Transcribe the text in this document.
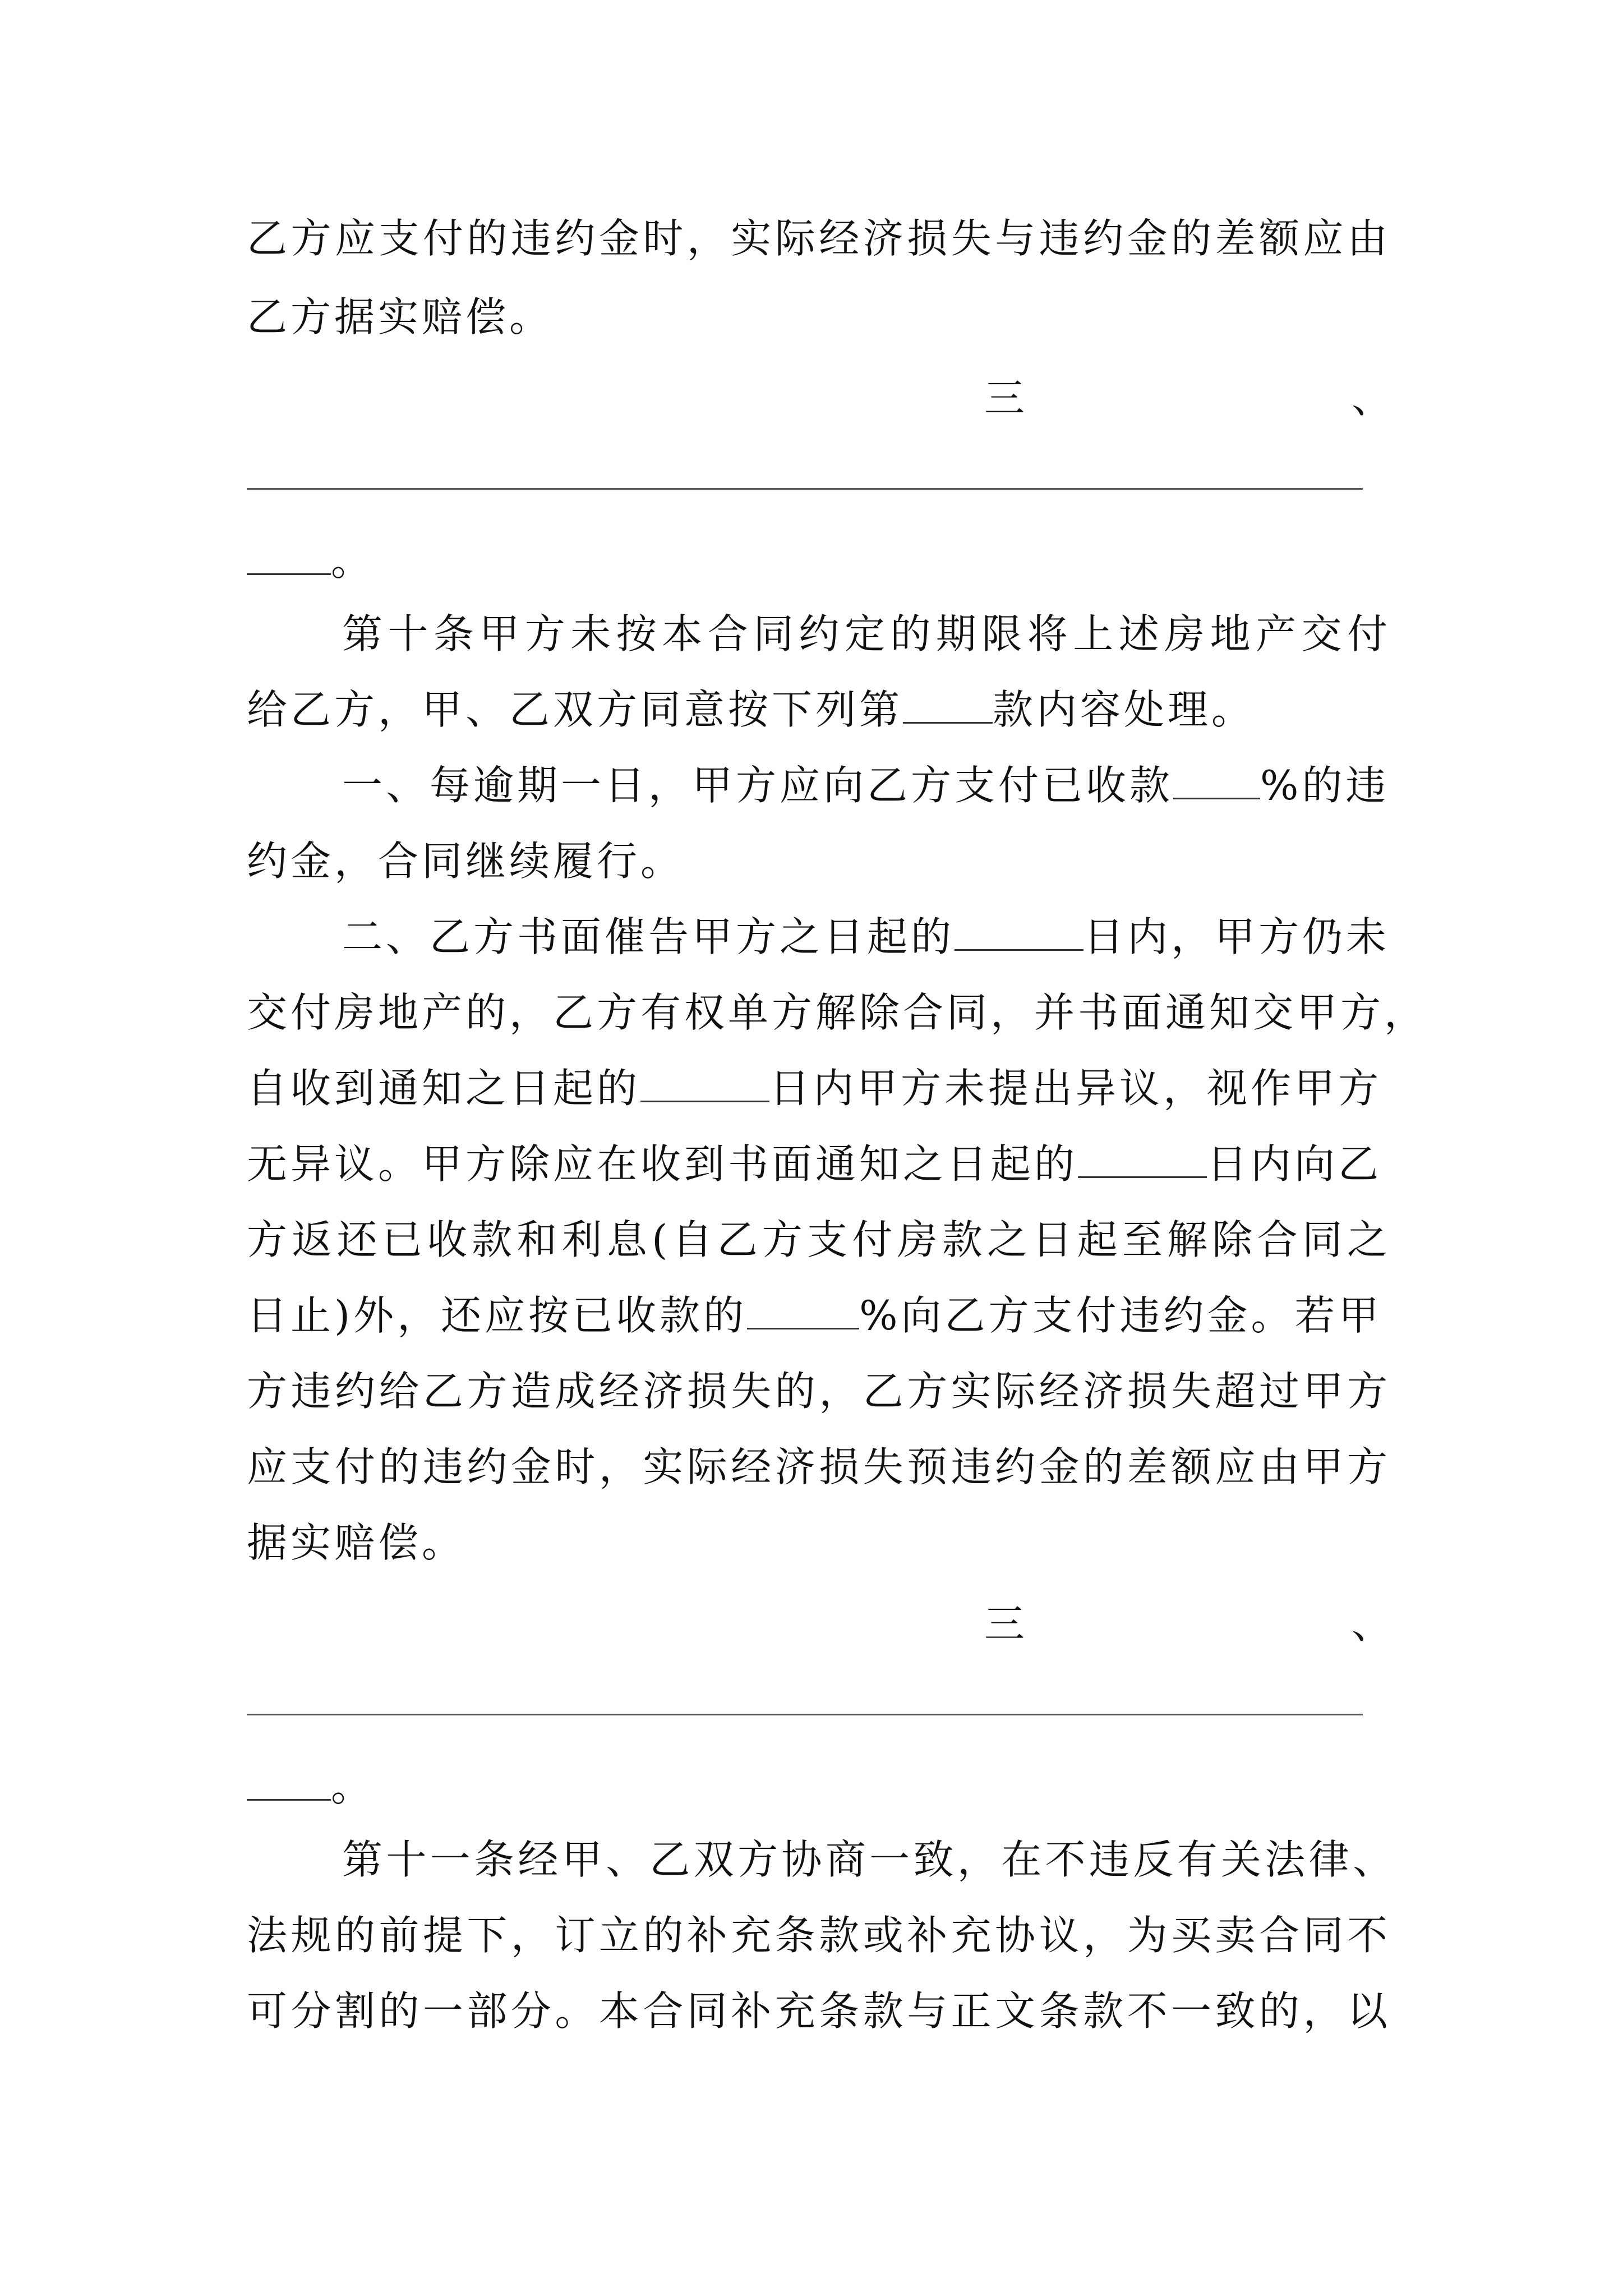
乙方应支付的违约金时，实际经济损失与违约金的差额应由
乙方据实赔偿。
三	、
。
第十条甲方未按本合同约定的期限将上述房地产交付
给乙方，甲、乙双方同意按下列第 款内容处理。
一、每逾期一日，甲方应向乙方支付已收款 %的违
约金，合同继续履行。
二、乙方书面催告甲方之日起的	日内，甲方仍未
交付房地产的，乙方有权单方解除合同，并书面通知交甲方，
自收到通知之日起的	日内甲方未提出异议，视作甲方
无异议。甲方除应在收到书面通知之日起的	日内向乙
方返还已收款和利息(自乙方支付房款之日起至解除合同之
日止)外，还应按已收款的	%向乙方支付违约金。若甲
方违约给乙方造成经济损失的，乙方实际经济损失超过甲方
应支付的违约金时，实际经济损失预违约金的差额应由甲方
据实赔偿。
三	、
。
第十一条经甲、乙双方协商一致，在不违反有关法律、
法规的前提下，订立的补充条款或补充协议，为买卖合同不
可分割的一部分。本合同补充条款与正文条款不一致的，以
